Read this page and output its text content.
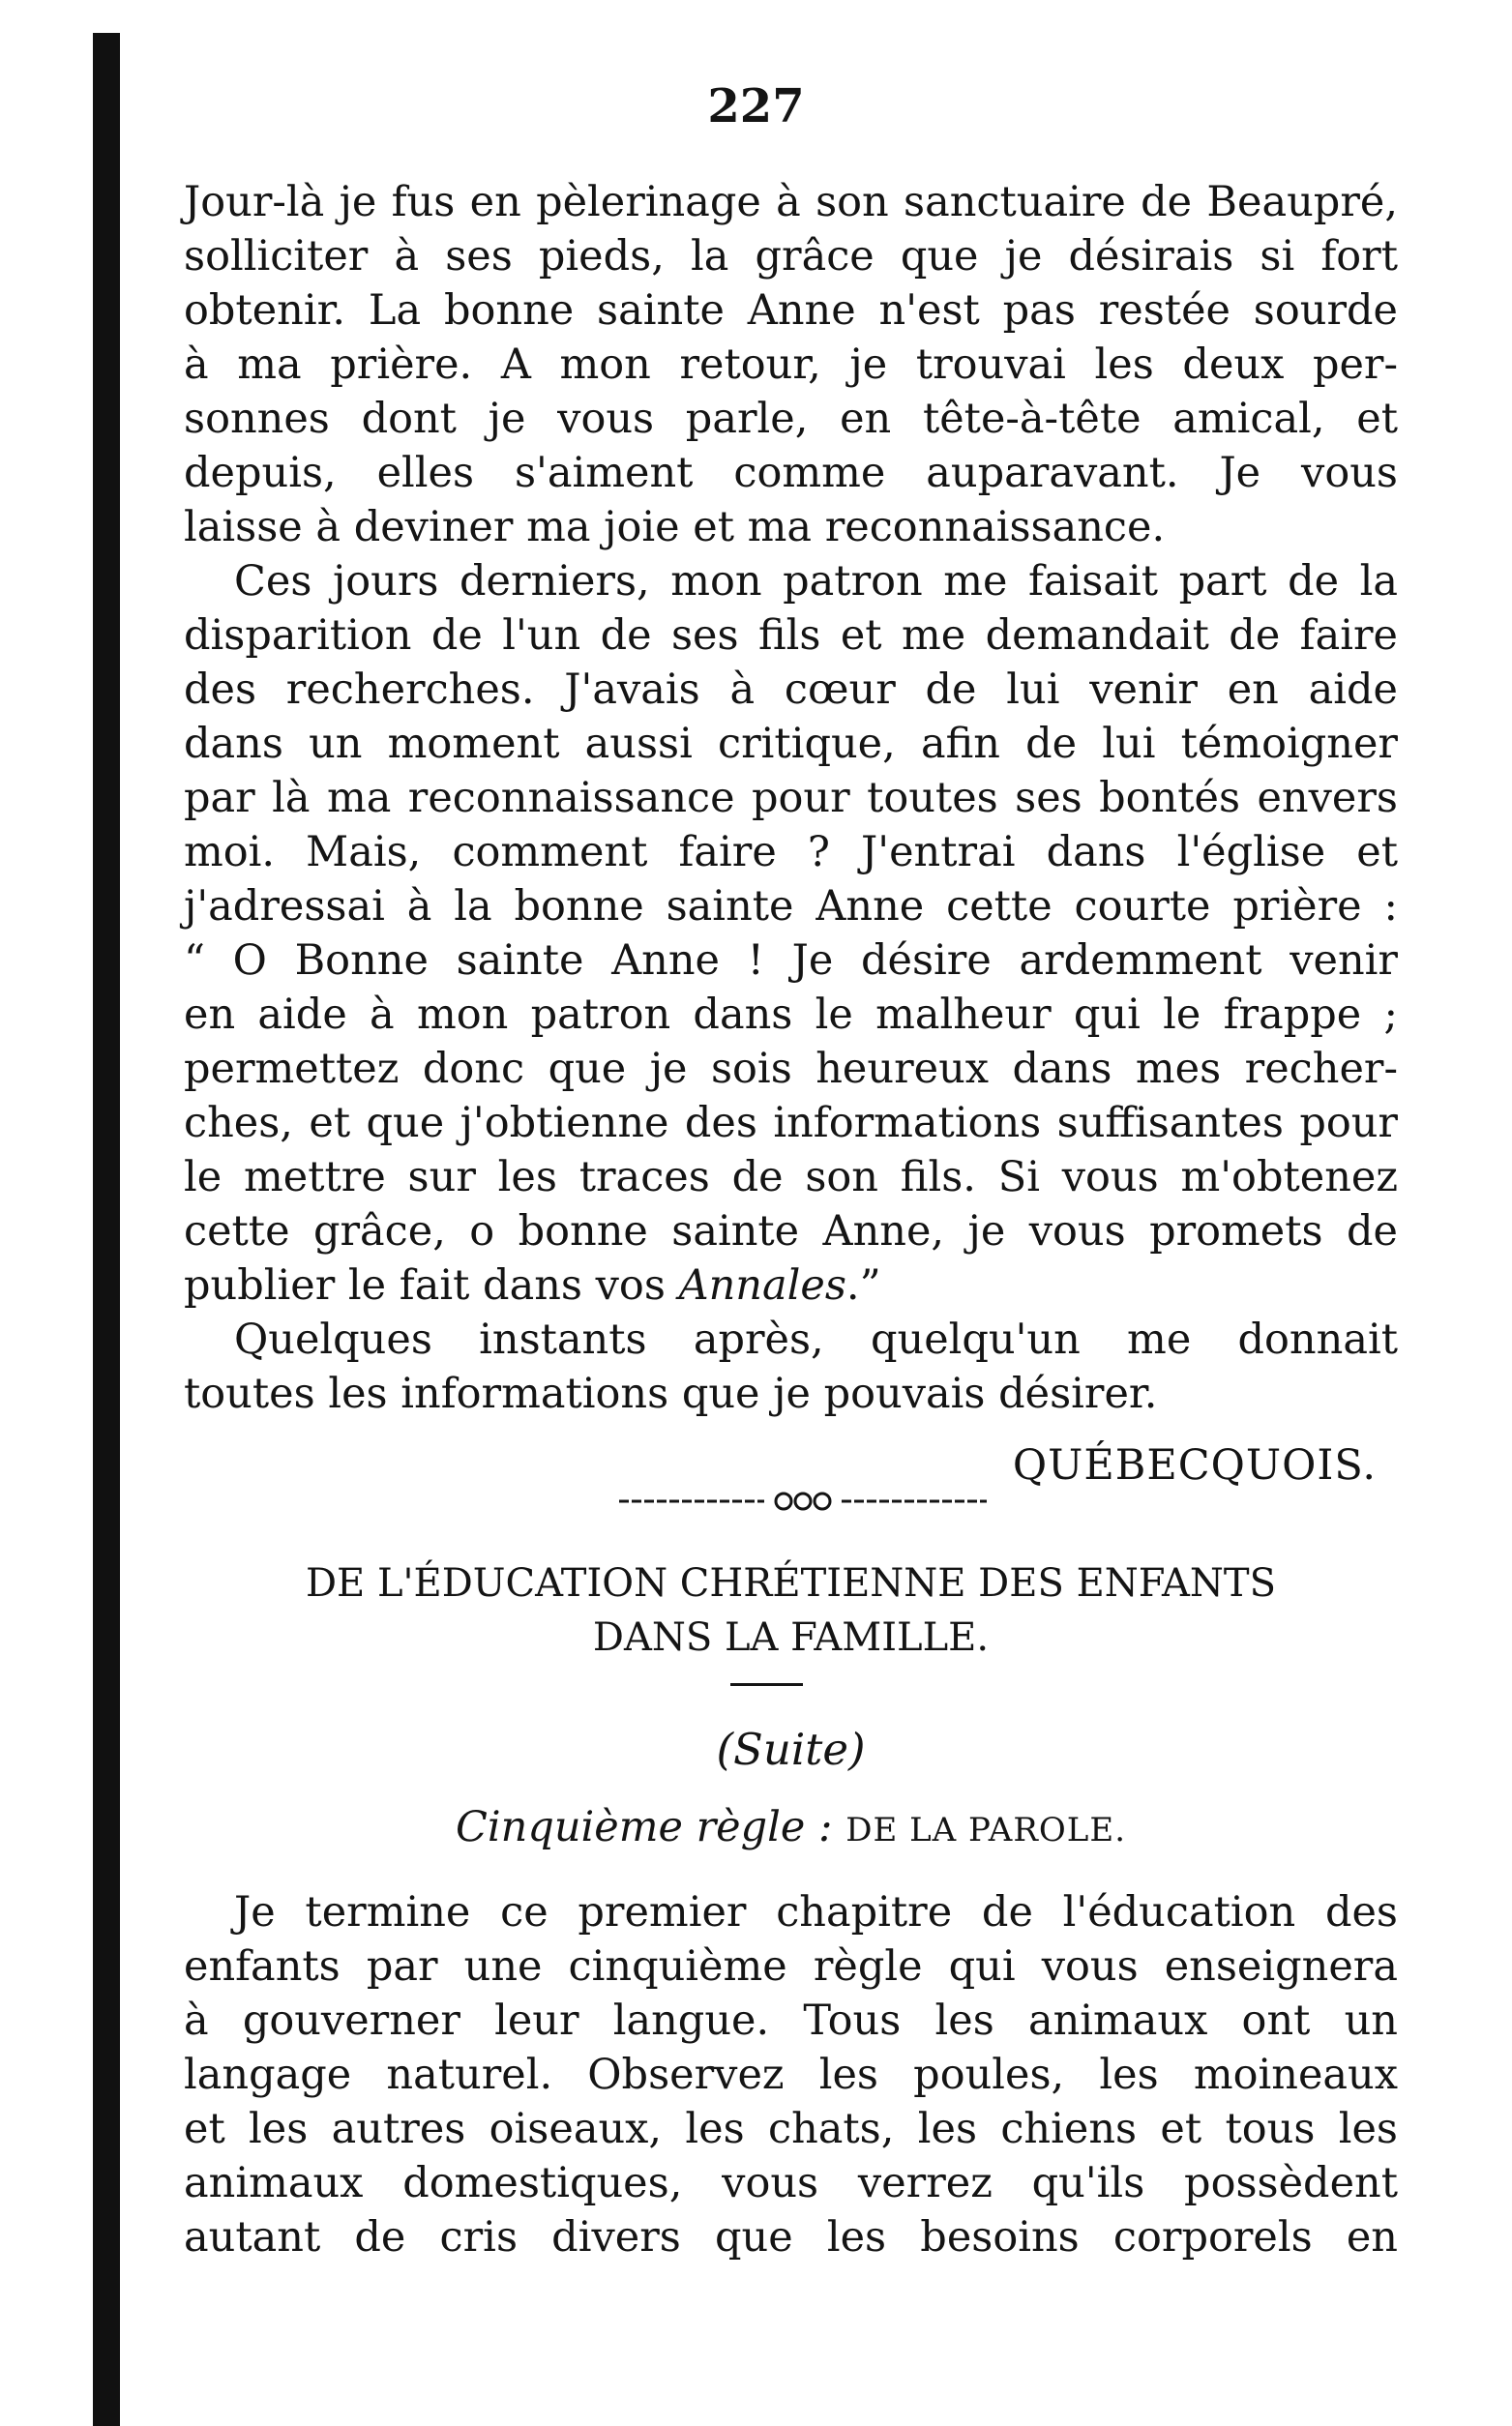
227
Jour-là je fus en pèlerinage à son sanctuaire de Beaupré,
solliciter à ses pieds, la grâce que je désirais si fort
obtenir. La bonne sainte Anne n'est pas restée sourde
à ma prière. A mon retour, je trouvai les deux per-
sonnes dont je vous parle, en tête-à-tête amical, et
depuis, elles s'aiment comme auparavant. Je vous
laisse à deviner ma joie et ma reconnaissance.
Ces jours derniers, mon patron me faisait part de la
disparition de l'un de ses fils et me demandait de faire
des recherches. J'avais à cœur de lui venir en aide
dans un moment aussi critique, afin de lui témoigner
par là ma reconnaissance pour toutes ses bontés envers
moi. Mais, comment faire ? J'entrai dans l'église et
j'adressai à la bonne sainte Anne cette courte prière :
“ O Bonne sainte Anne ! Je désire ardemment venir
en aide à mon patron dans le malheur qui le frappe ;
permettez donc que je sois heureux dans mes recher-
ches, et que j'obtienne des informations suffisantes pour
le mettre sur les traces de son fils. Si vous m'obtenez
cette grâce, o bonne sainte Anne, je vous promets de
publier le fait dans vos Annales.”
Quelques instants après, quelqu'un me donnait
toutes les informations que je pouvais désirer.
QUÉBECQUOIS.
DE L'ÉDUCATION CHRÉTIENNE DES ENFANTS
DANS LA FAMILLE.
(Suite)
Cinquième règle : DE LA PAROLE.
Je termine ce premier chapitre de l'éducation des
enfants par une cinquième règle qui vous enseignera
à gouverner leur langue. Tous les animaux ont un
langage naturel. Observez les poules, les moineaux
et les autres oiseaux, les chats, les chiens et tous les
animaux domestiques, vous verrez qu'ils possèdent
autant de cris divers que les besoins corporels en
